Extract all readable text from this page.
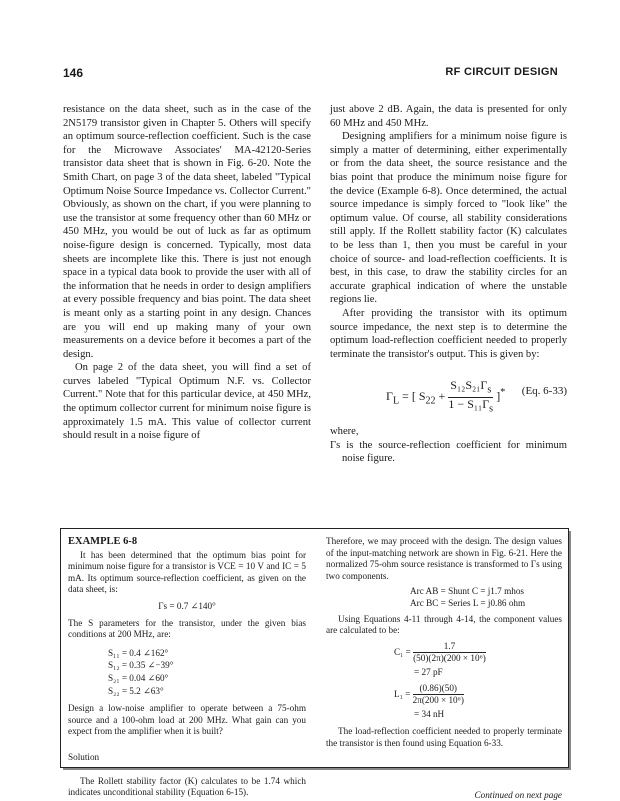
146	RF CIRCUIT DESIGN

resistance on the data sheet, such as in the case of the 2N5179 transistor given in Chapter 5. Others will specify an optimum source-reflection coefficient. Such is the case for the Microwave Associates' MA-42120-Series transistor data sheet that is shown in Fig. 6-20. Note the Smith Chart, on page 3 of the data sheet, labeled "Typical Optimum Noise Source Impedance vs. Collector Current." Obviously, as shown on the chart, if you were planning to use the transistor at some frequency other than 60 MHz or 450 MHz, you would be out of luck as far as optimum noise-figure design is concerned. Typically, most data sheets are incomplete like this. There is just not enough space in a typical data book to provide the user with all of the information that he needs in order to design amplifiers at every possible frequency and bias point. The data sheet is meant only as a starting point in any design. Chances are you will end up making many of your own measurements on a device before it becomes a part of the design.

On page 2 of the data sheet, you will find a set of curves labeled "Typical Optimum N.F. vs. Collector Current." Note that for this particular device, at 450 MHz, the optimum collector current for minimum noise figure is approximately 1.5 mA. This value of collector current should result in a noise figure of

just above 2 dB. Again, the data is presented for only 60 MHz and 450 MHz.

Designing amplifiers for a minimum noise figure is simply a matter of determining, either experimentally or from the data sheet, the source resistance and the bias point that produce the minimum noise figure for the device (Example 6-8). Once determined, the actual source impedance is simply forced to "look like" the optimum value. Of course, all stability considerations still apply. If the Rollett stability factor (K) calculates to be less than 1, then you must be careful in your choice of source- and load-reflection coefficients. It is best, in this case, to draw the stability circles for an accurate graphical indication of where the unstable regions lie.

After providing the transistor with its optimum source impedance, the next step is to determine the optimum load-reflection coefficient needed to properly terminate the transistor's output. This is given by:

$\Gamma_L$ = [ $S_{22} + \frac{S_{12}S_{21}\Gamma_s}{1 - S_{11}\Gamma_s} ]^*$ (Eq. 6-33)

where,

Γs is the source-reflection coefficient for minimum noise figure.

EXAMPLE 6-8

It has been determined that the optimum bias point for minimum noise figure for a transistor is VCE = 10 V and IC = 5 mA. Its optimum source-reflection coefficient, as given on the data sheet, is:

Γs = 0.7 ∠140°

The S parameters for the transistor, under the given bias conditions at 200 MHz, are:

S₁₁ = 0.4 ∠162°
S₁₂ = 0.35 ∠−39°
S₂₁ = 0.04 ∠60°
S₂₂ = 5.2 ∠63°

Design a low-noise amplifier to operate between a 75-ohm source and a 100-ohm load at 200 MHz. What gain can you expect from the amplifier when it is built?

Solution

The Rollett stability factor (K) calculates to be 1.74 which indicates unconditional stability (Equation 6-15).

Therefore, we may proceed with the design. The design values of the input-matching network are shown in Fig. 6-21. Here the normalized 75-ohm source resistance is transformed to Γs using two components.

Arc AB = Shunt C = j1.7 mhos
Arc BC = Series L = j0.86 ohm

Using Equations 4-11 through 4-14, the component values are calculated to be:

$C_1 = \frac{1.7}{\text{(50)(2π)(200 × 10⁶)}}$
= 27 pF
$L_1 = \frac{(0.86)(50)}{\text{2π(200 × 10⁶)}}$
= 34 nH

The load-reflection coefficient needed to properly terminate the transistor is then found using Equation 6-33.

Continued on next page
